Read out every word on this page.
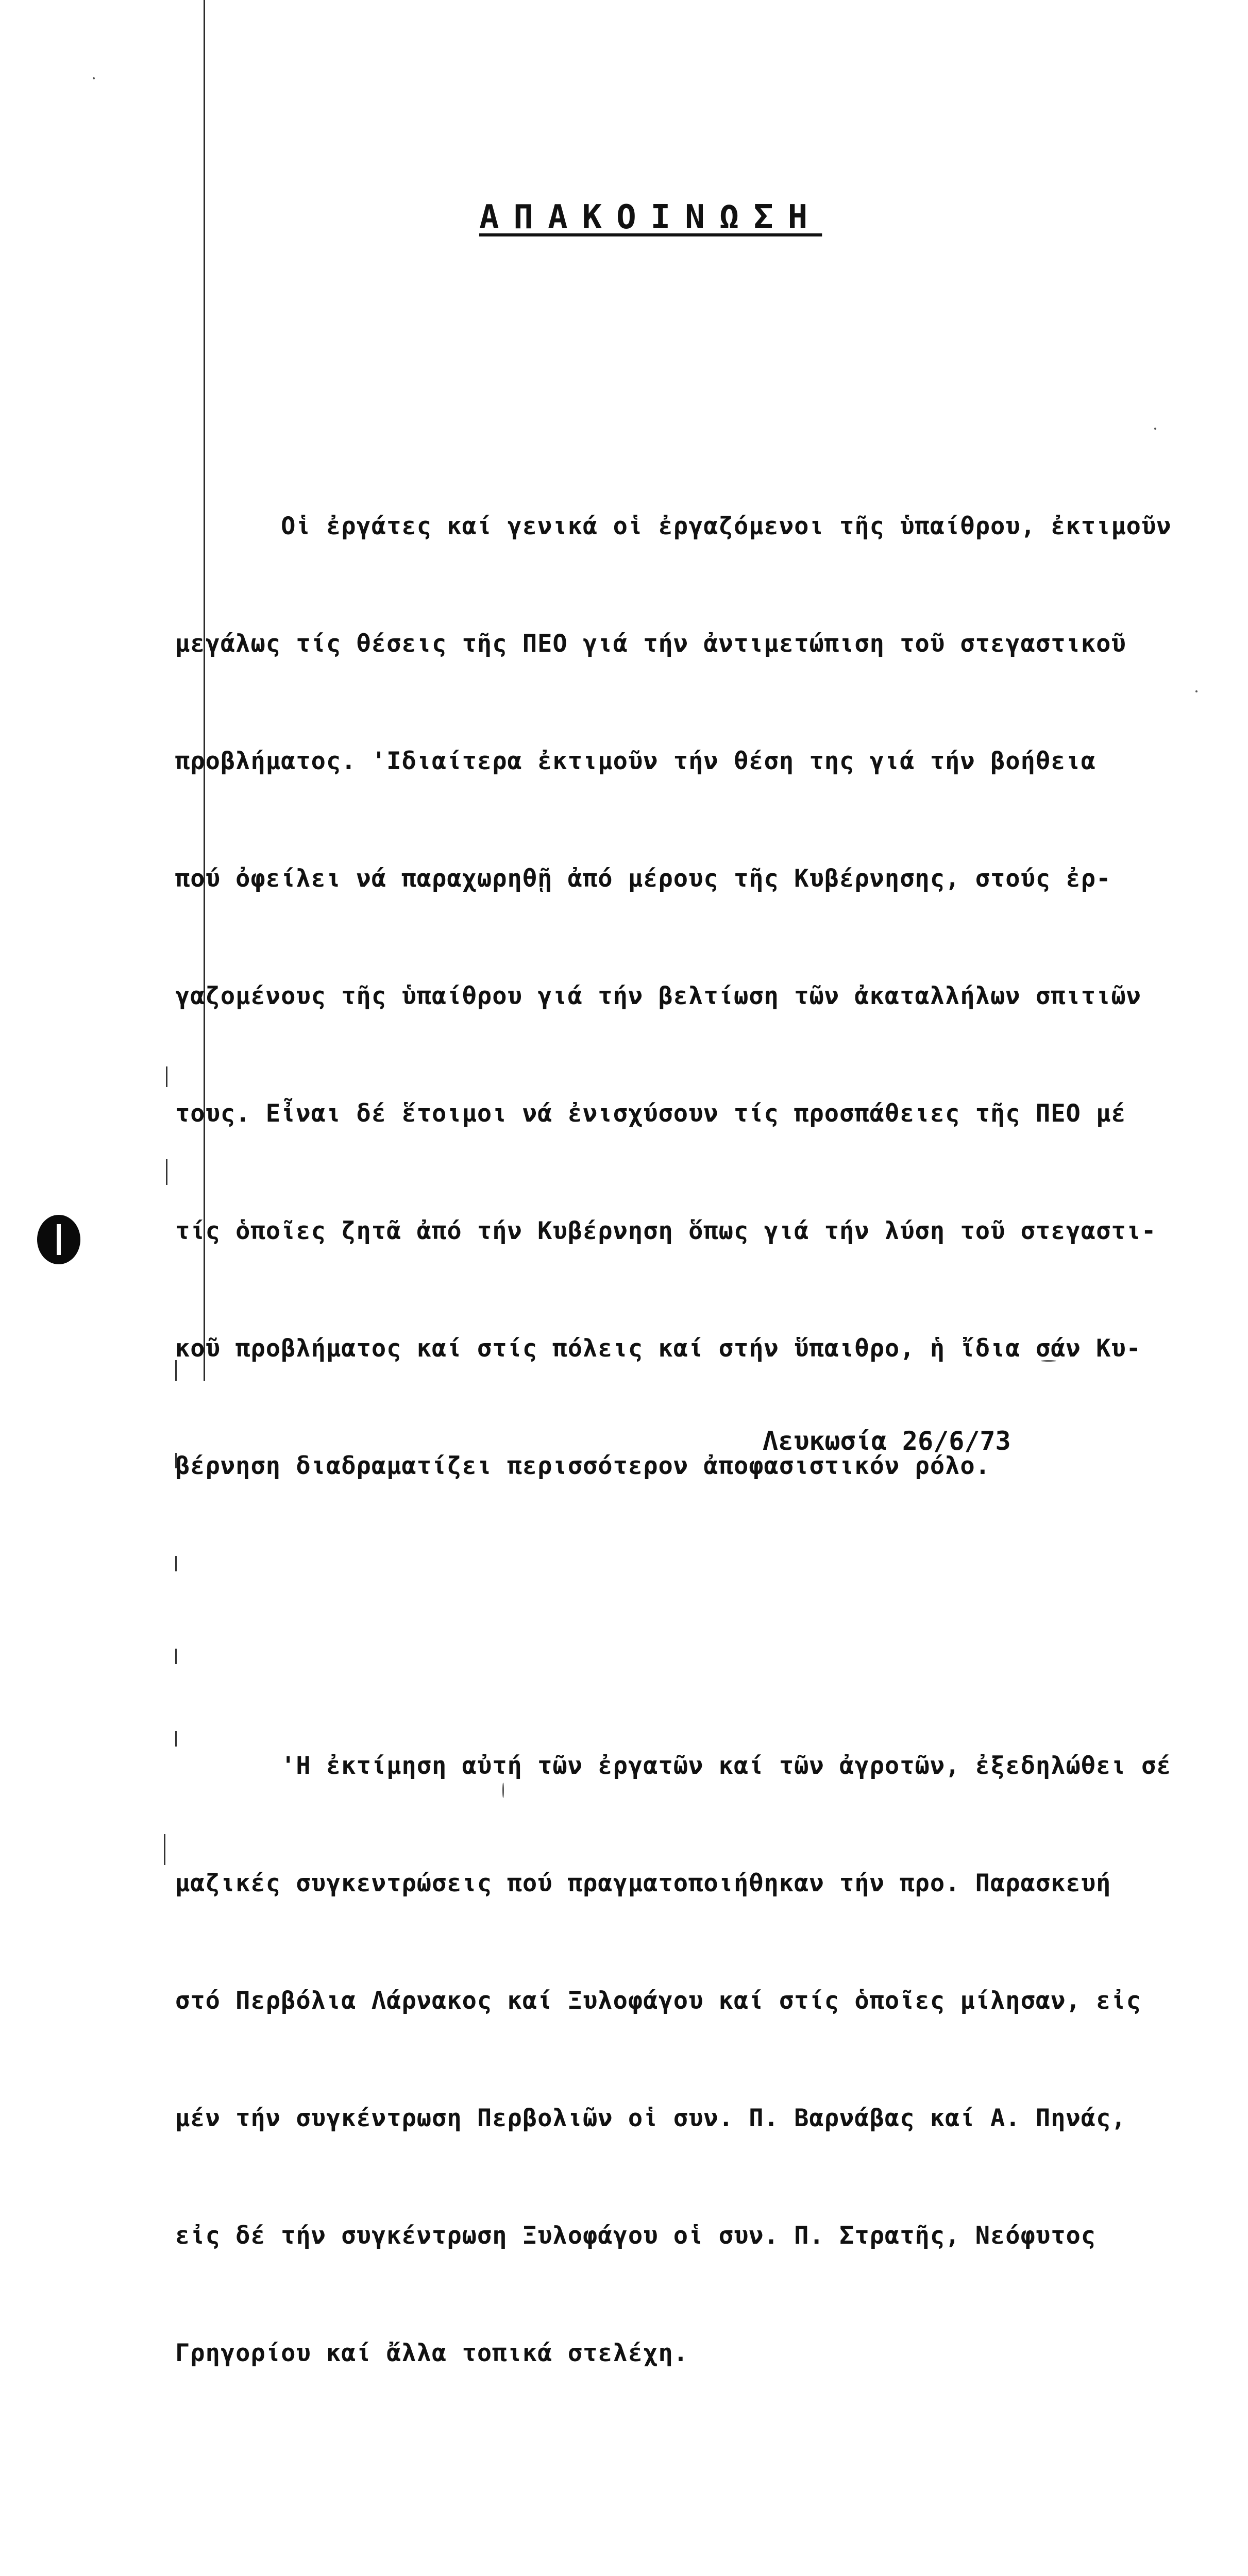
ΑΠΑΚΟΙΝΩΣΗ

Οἱ ἐργάτες καί γενικά οἱ ἐργαζόμενοι τῆς ὑπαίθρου, ἐκτιμοῦν

μεγάλως τίς θέσεις τῆς ΠΕΟ γιά τήν ἀντιμετώπιση τοῦ στεγαστικοῦ

προβλήματος. 'Ιδιαίτερα ἐκτιμοῦν τήν θέση της γιά τήν βοήθεια

πού ὀφείλει νά παραχωρηθῇ ἀπό μέρους τῆς Κυβέρνησης, στούς ἐρ-

γαζομένους τῆς ὑπαίθρου γιά τήν βελτίωση τῶν ἀκαταλλήλων σπιτιῶν

τους. Εἶναι δέ ἕτοιμοι νά ἐνισχύσουν τίς προσπάθειες τῆς ΠΕΟ μέ

τίς ὁποῖες ζητᾶ ἀπό τήν Κυβέρνηση ὅπως γιά τήν λύση τοῦ στεγαστι-

κοῦ προβλήματος καί στίς πόλεις καί στήν ὕπαιθρο, ἡ ἴδια σάν Κυ-

βέρνηση διαδραματίζει περισσότερον ἀποφασιστικόν ρόλο.

'Η ἐκτίμηση αὐτή τῶν ἐργατῶν καί τῶν ἀγροτῶν, ἐξεδηλώθει σέ

μαζικές συγκεντρώσεις πού πραγματοποιήθηκαν τήν προ. Παρασκευή

στό Περβόλια Λάρνακος καί Ξυλοφάγου καί στίς ὁποῖες μίλησαν, εἰς

μέν τήν συγκέντρωση Περβολιῶν οἱ συν. Π. Βαρνάβας καί Α. Πηνάς,

εἰς δέ τήν συγκέντρωση Ξυλοφάγου οἱ συν. Π. Στρατῆς, Νεόφυτος

Γρηγορίου καί ἄλλα τοπικά στελέχη.

Λευκωσία 26/6/73
